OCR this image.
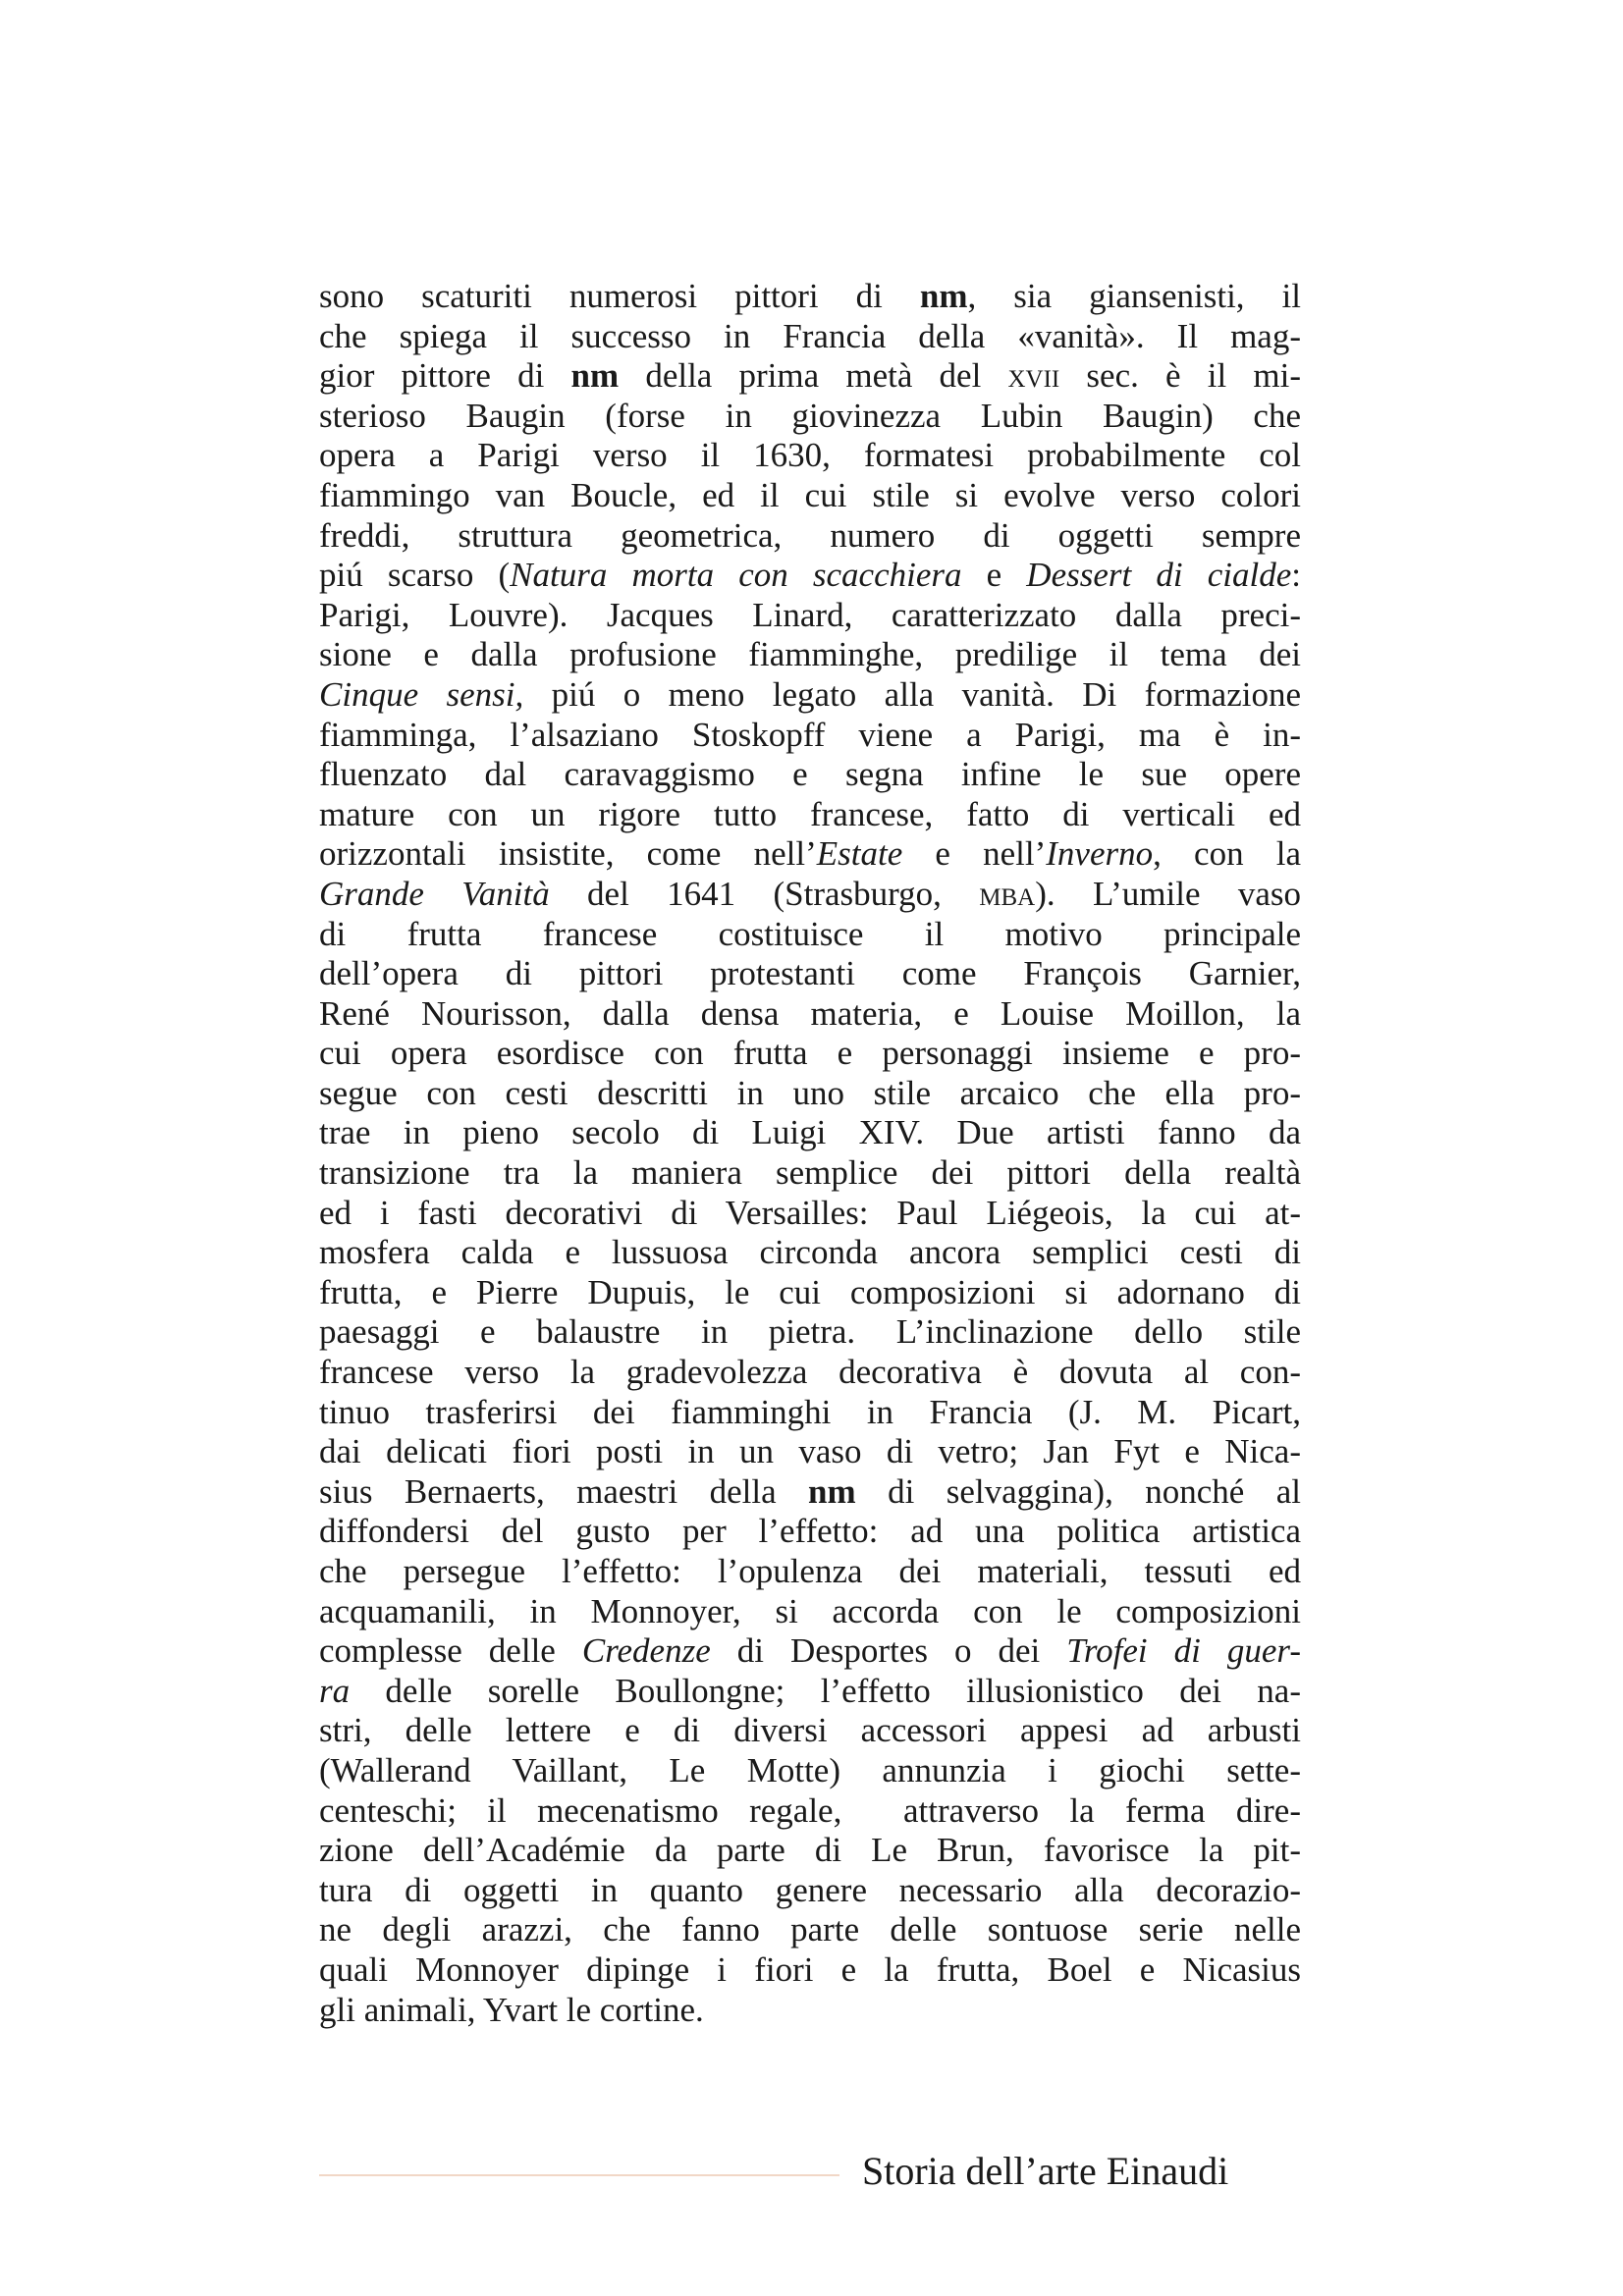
sono scaturiti numerosi pittori di nm, sia giansenisti, il
che spiega il successo in Francia della «vanità». Il mag-
gior pittore di nm della prima metà del xvii sec. è il mi-
sterioso Baugin (forse in giovinezza Lubin Baugin) che
opera a Parigi verso il 1630, formatesi probabilmente col
fiammingo van Boucle, ed il cui stile si evolve verso colori
freddi, struttura geometrica, numero di oggetti sempre
piú scarso (Natura morta con scacchiera e Dessert di cialde:
Parigi, Louvre). Jacques Linard, caratterizzato dalla preci-
sione e dalla profusione fiamminghe, predilige il tema dei
Cinque sensi, piú o meno legato alla vanità. Di formazione
fiamminga, l’alsaziano Stoskopff viene a Parigi, ma è in-
fluenzato dal caravaggismo e segna infine le sue opere
mature con un rigore tutto francese, fatto di verticali ed
orizzontali insistite, come nell’Estate e nell’Inverno, con la
Grande Vanità del 1641 (Strasburgo, mba). L’umile vaso
di frutta francese costituisce il motivo principale
dell’opera di pittori protestanti come François Garnier,
René Nourisson, dalla densa materia, e Louise Moillon, la
cui opera esordisce con frutta e personaggi insieme e pro-
segue con cesti descritti in uno stile arcaico che ella pro-
trae in pieno secolo di Luigi XIV. Due artisti fanno da
transizione tra la maniera semplice dei pittori della realtà
ed i fasti decorativi di Versailles: Paul Liégeois, la cui at-
mosfera calda e lussuosa circonda ancora semplici cesti di
frutta, e Pierre Dupuis, le cui composizioni si adornano di
paesaggi e balaustre in pietra. L’inclinazione dello stile
francese verso la gradevolezza decorativa è dovuta al con-
tinuo trasferirsi dei fiamminghi in Francia (J. M. Picart,
dai delicati fiori posti in un vaso di vetro; Jan Fyt e Nica-
sius Bernaerts, maestri della nm di selvaggina), nonché al
diffondersi del gusto per l’effetto: ad una politica artistica
che persegue l’effetto: l’opulenza dei materiali, tessuti ed
acquamanili, in Monnoyer, si accorda con le composizioni
complesse delle Credenze di Desportes o dei Trofei di guer-
ra delle sorelle Boullongne; l’effetto illusionistico dei na-
stri, delle lettere e di diversi accessori appesi ad arbusti
(Wallerand Vaillant, Le Motte) annunzia i giochi sette-
centeschi; il mecenatismo regale,  attraverso la ferma dire-
zione dell’Académie da parte di Le Brun, favorisce la pit-
tura di oggetti in quanto genere necessario alla decorazio-
ne degli arazzi, che fanno parte delle sontuose serie nelle
quali Monnoyer dipinge i fiori e la frutta, Boel e Nicasius
gli animali, Yvart le cortine.
Storia dell’arte Einaudi
